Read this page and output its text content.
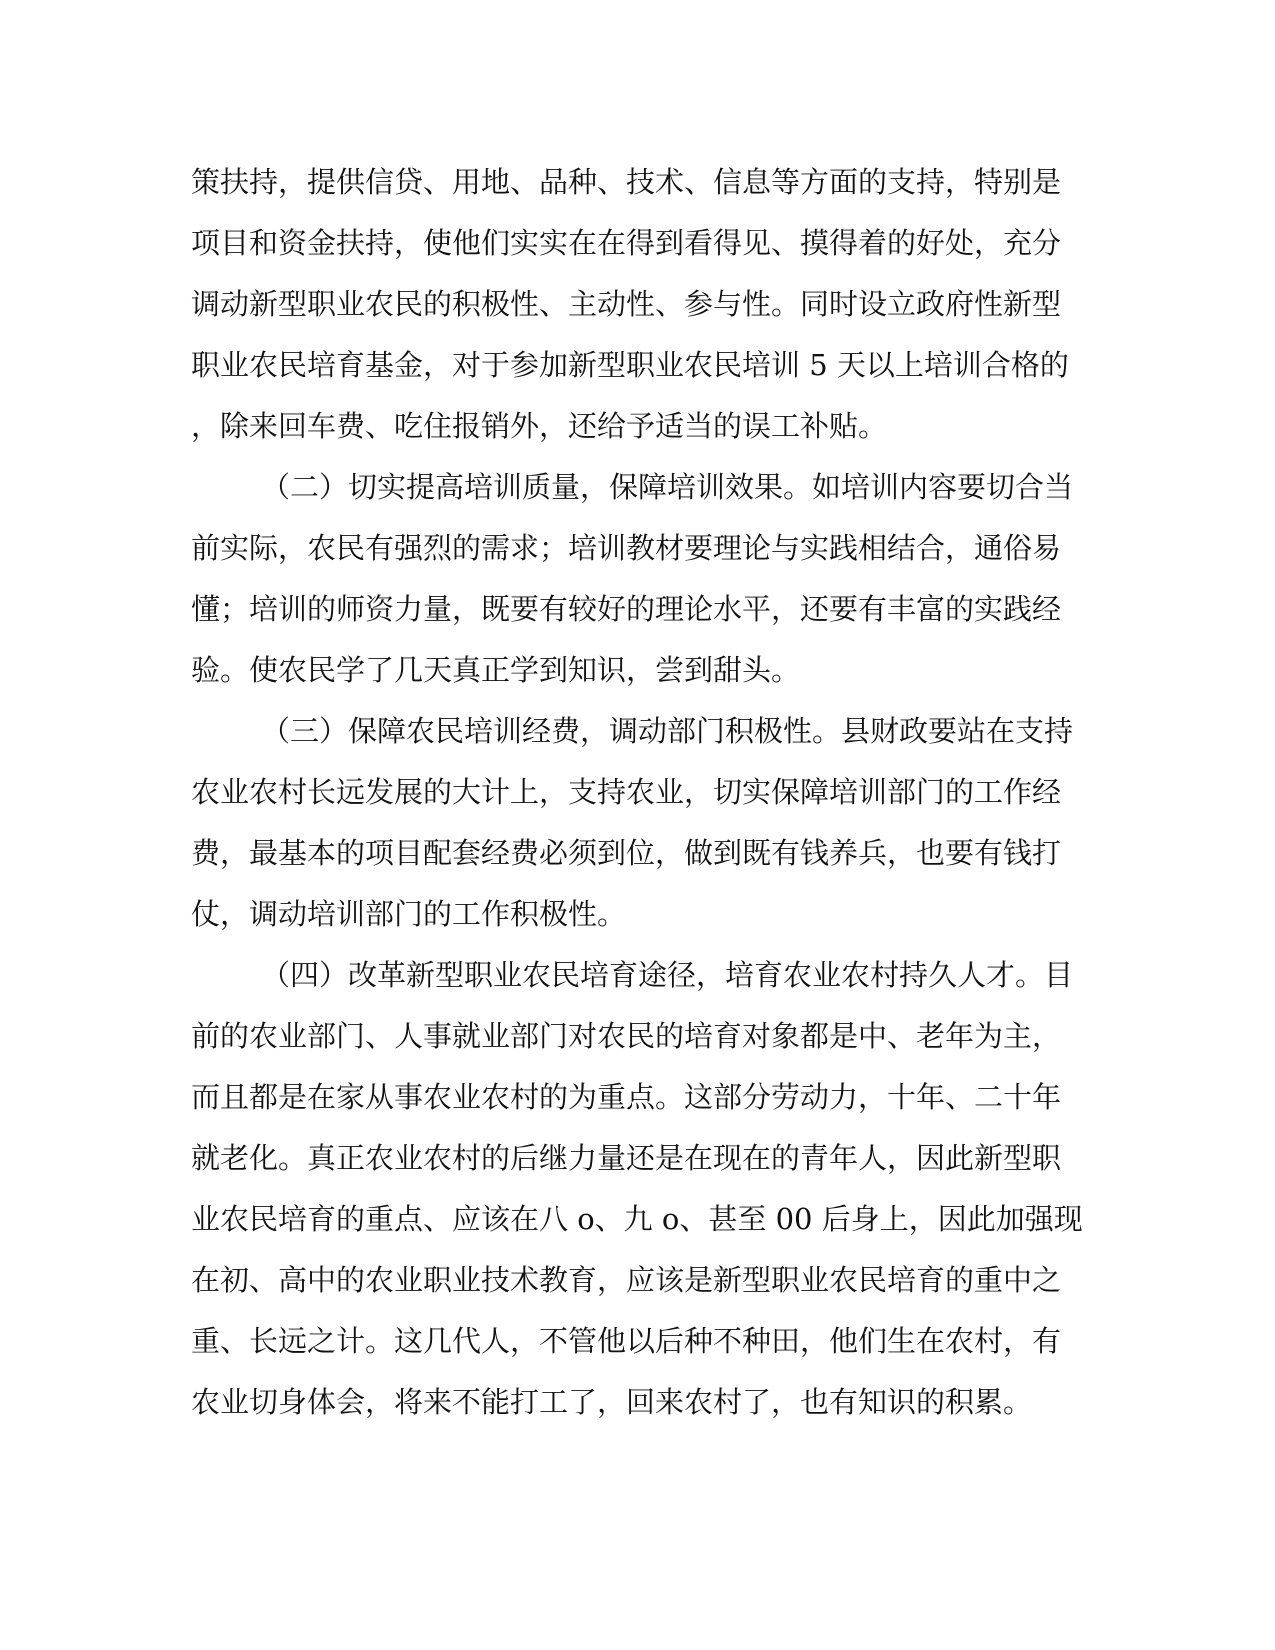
策扶持，提供信贷、用地、品种、技术、信息等方面的支持，特别是
项目和资金扶持，使他们实实在在得到看得见、摸得着的好处，充分
调动新型职业农民的积极性、主动性、参与性。同时设立政府性新型
职业农民培育基金，对于参加新型职业农民培训 5 天以上培训合格的
，除来回车费、吃住报销外，还给予适当的误工补贴。
（二）切实提高培训质量，保障培训效果。如培训内容要切合当
前实际，农民有强烈的需求；培训教材要理论与实践相结合，通俗易
懂；培训的师资力量，既要有较好的理论水平，还要有丰富的实践经
验。使农民学了几天真正学到知识，尝到甜头。
（三）保障农民培训经费，调动部门积极性。县财政要站在支持
农业农村长远发展的大计上，支持农业，切实保障培训部门的工作经
费，最基本的项目配套经费必须到位，做到既有钱养兵，也要有钱打
仗，调动培训部门的工作积极性。
（四）改革新型职业农民培育途径，培育农业农村持久人才。目
前的农业部门、人事就业部门对农民的培育对象都是中、老年为主，
而且都是在家从事农业农村的为重点。这部分劳动力，十年、二十年
就老化。真正农业农村的后继力量还是在现在的青年人，因此新型职
业农民培育的重点、应该在八 o、九 o、甚至 00 后身上，因此加强现
在初、高中的农业职业技术教育，应该是新型职业农民培育的重中之
重、长远之计。这几代人，不管他以后种不种田，他们生在农村，有
农业切身体会，将来不能打工了，回来农村了，也有知识的积累。
